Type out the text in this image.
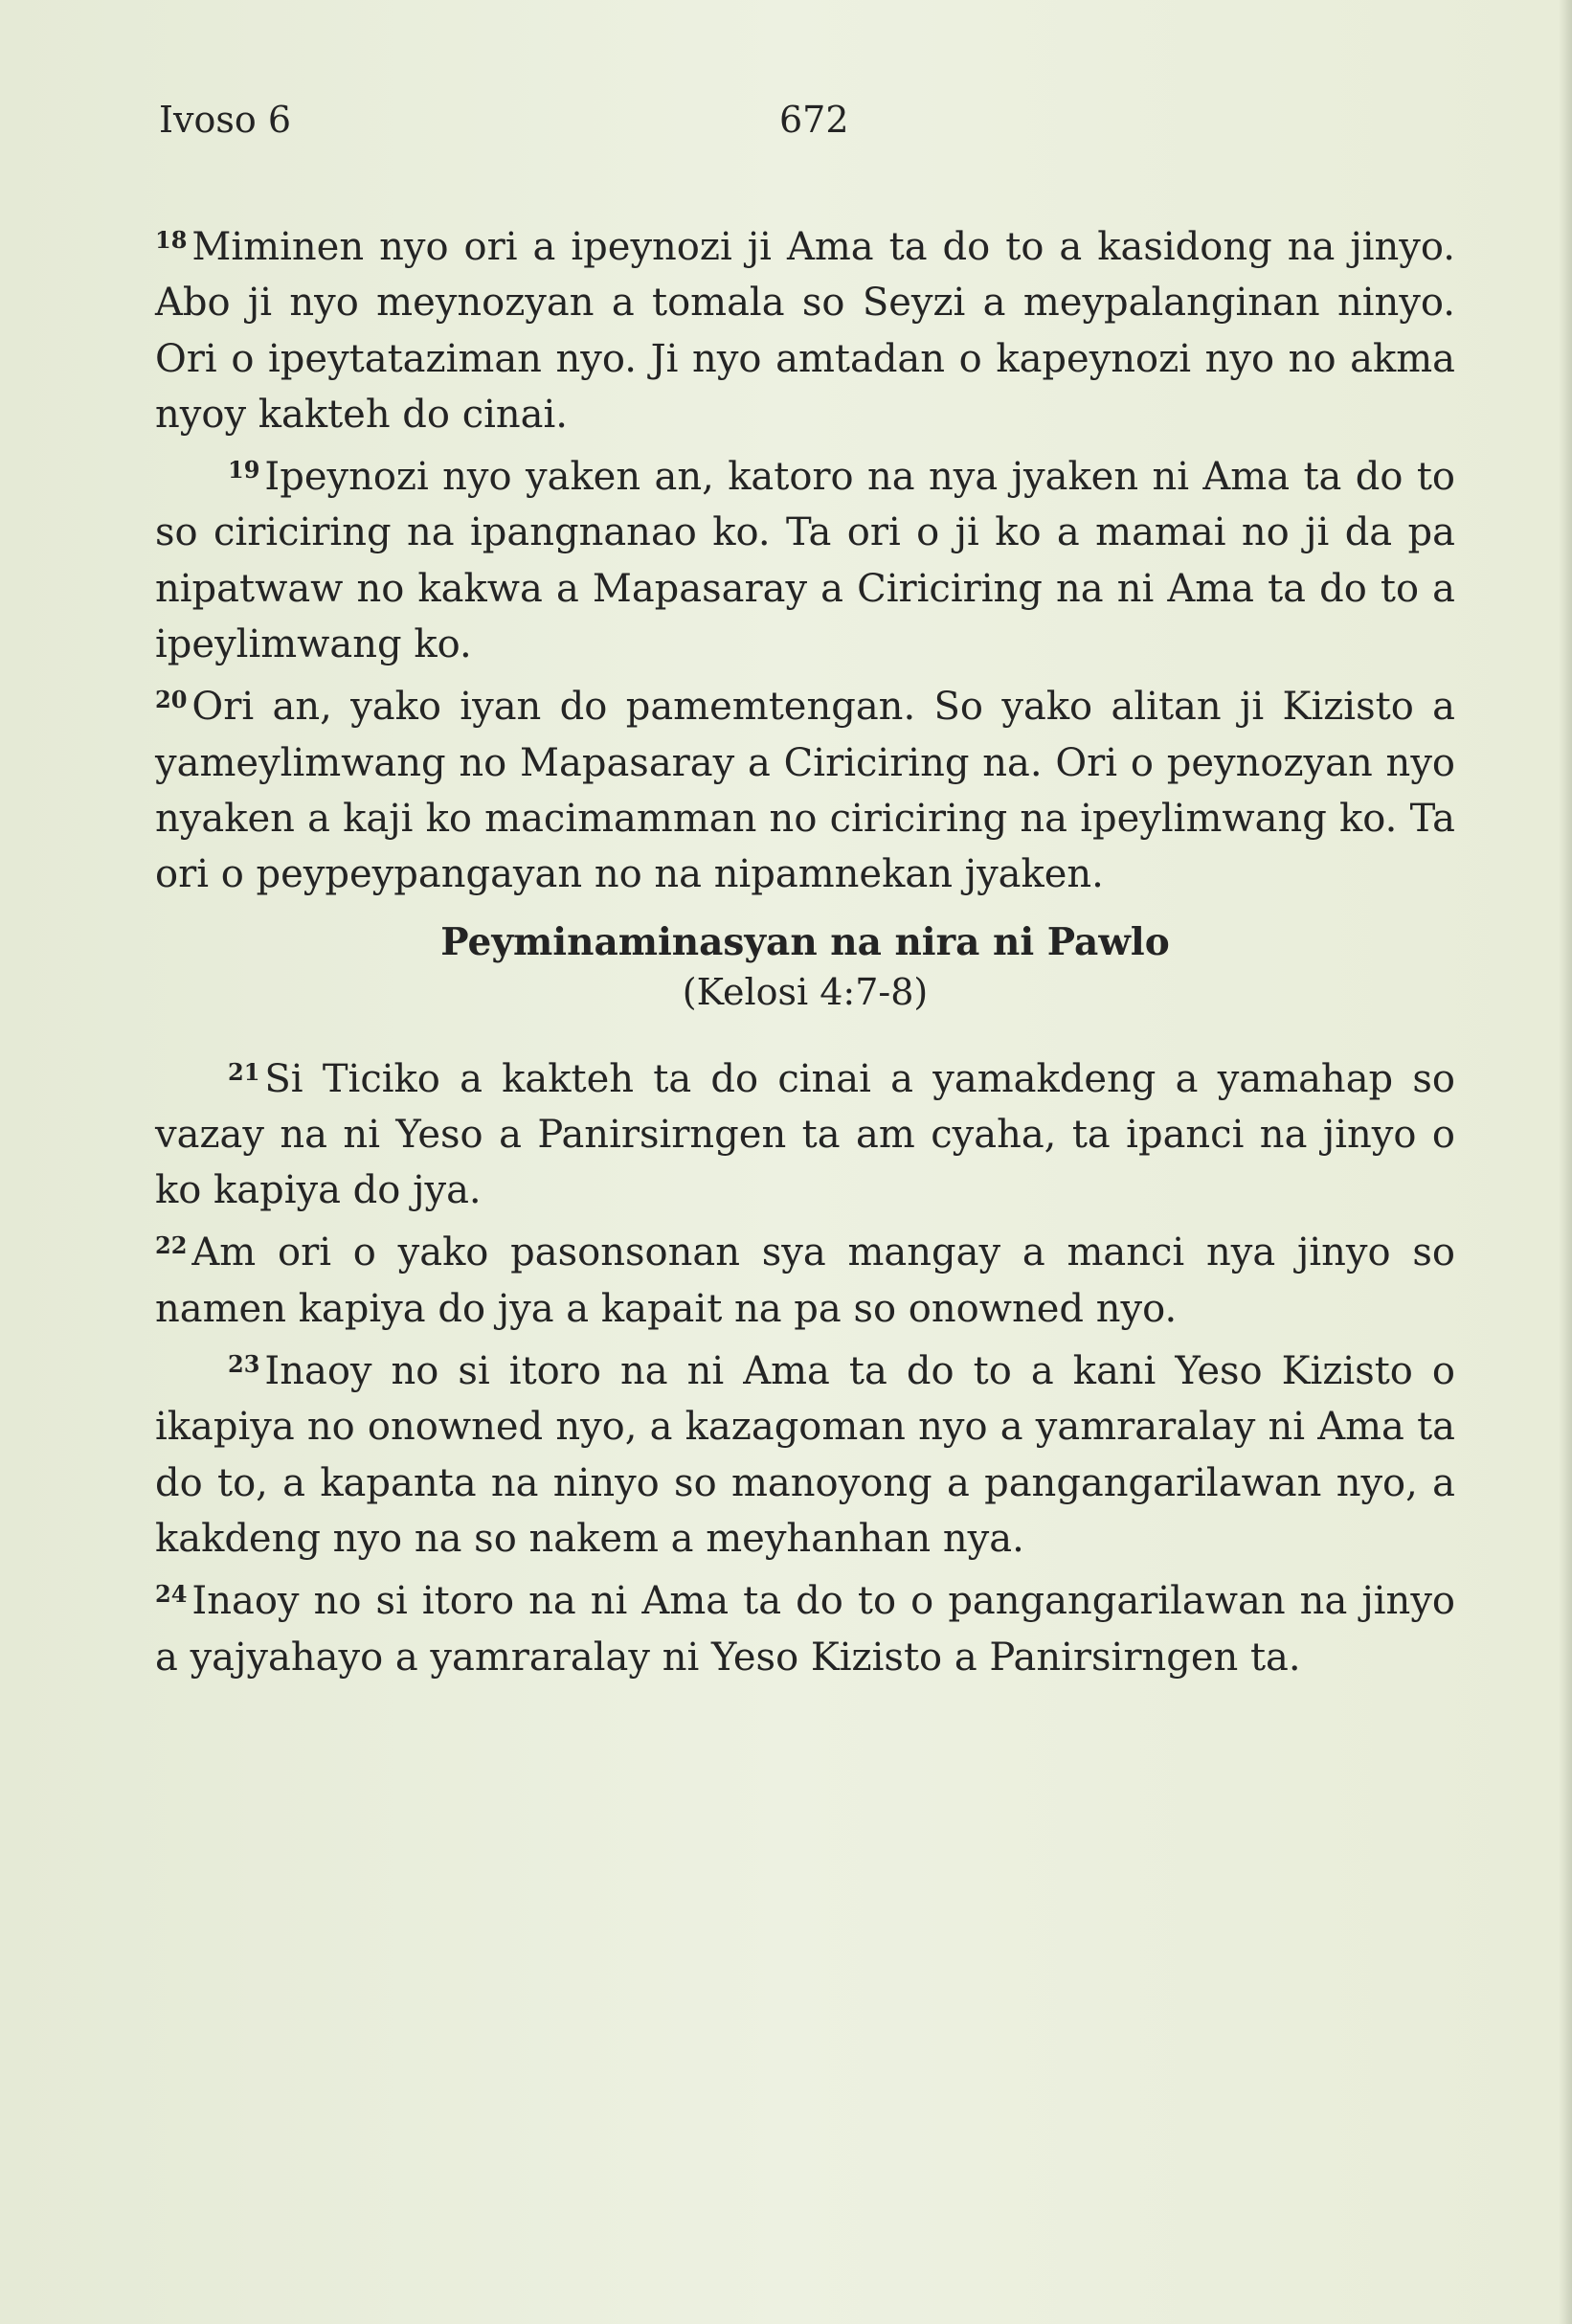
Ivoso 6	672

$^{18}$ Miminen nyo ori a ipeynozi ji Ama ta do to a kasidong na jinyo. Abo ji nyo meynozyan a tomala so Seyzi a meypalanginan ninyo. Ori o ipeytataziman nyo. Ji nyo amtadan o kapeynozi nyo no akma nyoy kakteh do cinai.

$^{19}$ Ipeynozi nyo yaken an, katoro na nya jyaken ni Ama ta do to so ciriciring na ipangnanao ko. Ta ori o ji ko a mamai no ji da pa nipatwaw no kakwa a Mapasaray a Ciriciring na ni Ama ta do to a ipeylimwang ko.

$^{20}$ Ori an, yako iyan do pamemtengan. So yako alitan ji Kizisto a yameylimwang no Mapasaray a Ciriciring na. Ori o peynozyan nyo nyaken a kaji ko macimamman no ciriciring na ipeylimwang ko. Ta ori o peypeypangayan no na nipamnekan jyaken.

Peyminaminasyan na nira ni Pawlo

(Kelosi 4:7-8)

$^{21}$ Si Ticiko a kakteh ta do cinai a yamakdeng a yamahap so vazay na ni Yeso a Panirsirngen ta am cyaha, ta ipanci na jinyo o ko kapiya do jya.

$^{22}$ Am ori o yako pasonsonan sya mangay a manci nya jinyo so namen kapiya do jya a kapait na pa so onowned nyo.

$^{23}$ Inaoy no si itoro na ni Ama ta do to a kani Yeso Kizisto o ikapiya no onowned nyo, a kazagoman nyo a yamraralay ni Ama ta do to, a kapanta na ninyo so manoyong a pangangarilawan nyo, a kakdeng nyo na so nakem a meyhanhan nya.

$^{24}$ Inaoy no si itoro na ni Ama ta do to o pangangarilawan na jinyo a yajyahayo a yamraralay ni Yeso Kizisto a Panirsirngen ta.
